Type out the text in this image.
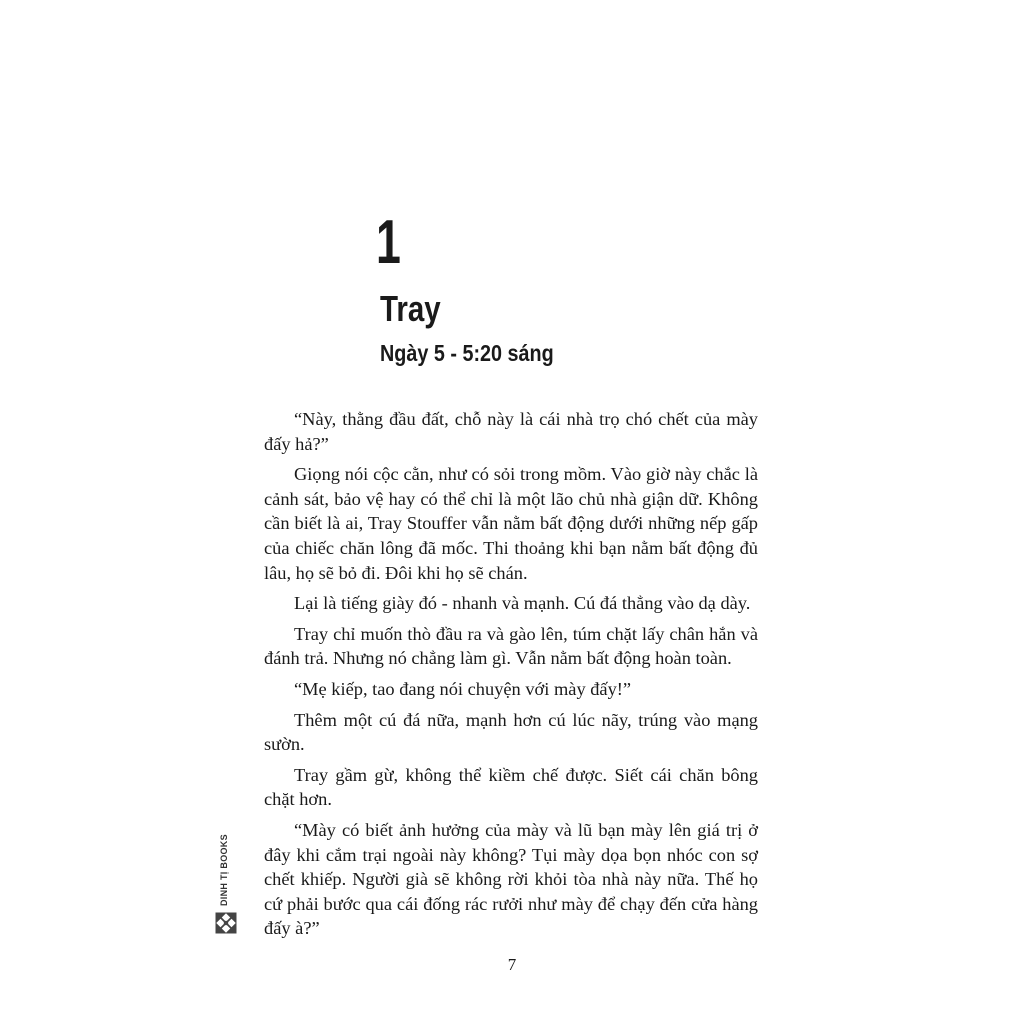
1
Tray
Ngày 5 - 5:20 sáng

“Này, thằng đầu đất, chỗ này là cái nhà trọ chó chết của mày đấy hả?”

Giọng nói cộc cằn, như có sỏi trong mồm. Vào giờ này chắc là cảnh sát, bảo vệ hay có thể chỉ là một lão chủ nhà giận dữ. Không cần biết là ai, Tray Stouffer vẫn nằm bất động dưới những nếp gấp của chiếc chăn lông đã mốc. Thi thoảng khi bạn nằm bất động đủ lâu, họ sẽ bỏ đi. Đôi khi họ sẽ chán.

Lại là tiếng giày đó - nhanh và mạnh. Cú đá thẳng vào dạ dày.

Tray chỉ muốn thò đầu ra và gào lên, túm chặt lấy chân hắn và đánh trả. Nhưng nó chẳng làm gì. Vẫn nằm bất động hoàn toàn.

“Mẹ kiếp, tao đang nói chuyện với mày đấy!”

Thêm một cú đá nữa, mạnh hơn cú lúc nãy, trúng vào mạng sườn.

Tray gầm gừ, không thể kiềm chế được. Siết cái chăn bông chặt hơn.

“Mày có biết ảnh hưởng của mày và lũ bạn mày lên giá trị ở đây khi cắm trại ngoài này không? Tụi mày dọa bọn nhóc con sợ chết khiếp. Người già sẽ không rời khỏi tòa nhà này nữa. Thế họ cứ phải bước qua cái đống rác rưởi như mày để chạy đến cửa hàng đấy à?”

DINH TỊ BOOKS
7
